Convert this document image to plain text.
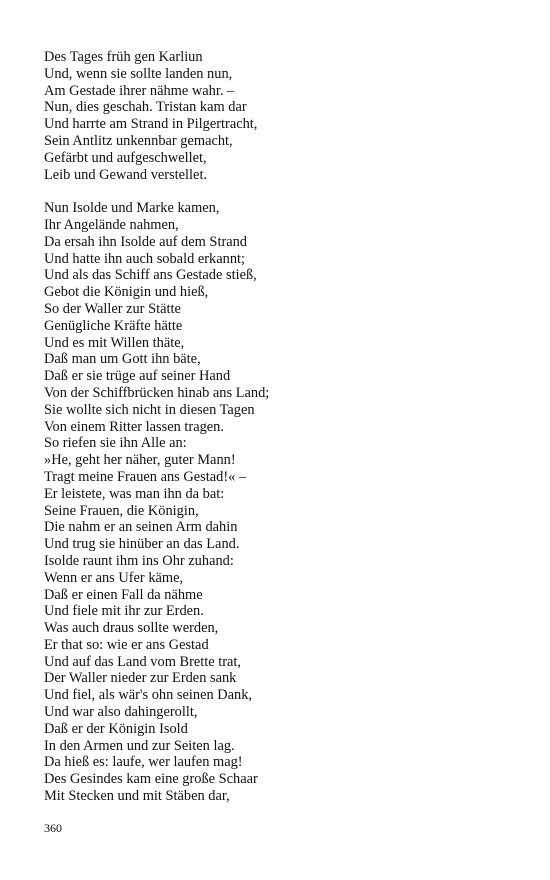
Des Tages früh gen Karliun
Und, wenn sie sollte landen nun,
Am Gestade ihrer nähme wahr. –
Nun, dies geschah. Tristan kam dar
Und harrte am Strand in Pilgertracht,
Sein Antlitz unkennbar gemacht,
Gefärbt und aufgeschwellet,
Leib und Gewand verstellet.
Nun Isolde und Marke kamen,
Ihr Angelände nahmen,
Da ersah ihn Isolde auf dem Strand
Und hatte ihn auch sobald erkannt;
Und als das Schiff ans Gestade stieß,
Gebot die Königin und hieß,
So der Waller zur Stätte
Genügliche Kräfte hätte
Und es mit Willen thäte,
Daß man um Gott ihn bäte,
Daß er sie trüge auf seiner Hand
Von der Schiffbrücken hinab ans Land;
Sie wollte sich nicht in diesen Tagen
Von einem Ritter lassen tragen.
So riefen sie ihn Alle an:
»He, geht her näher, guter Mann!
Tragt meine Frauen ans Gestad!« –
Er leistete, was man ihn da bat:
Seine Frauen, die Königin,
Die nahm er an seinen Arm dahin
Und trug sie hinüber an das Land.
Isolde raunt ihm ins Ohr zuhand:
Wenn er ans Ufer käme,
Daß er einen Fall da nähme
Und fiele mit ihr zur Erden.
Was auch draus sollte werden,
Er that so: wie er ans Gestad
Und auf das Land vom Brette trat,
Der Waller nieder zur Erden sank
Und fiel, als wär's ohn seinen Dank,
Und war also dahingerollt,
Daß er der Königin Isold
In den Armen und zur Seiten lag.
Da hieß es: laufe, wer laufen mag!
Des Gesindes kam eine große Schaar
Mit Stecken und mit Stäben dar,
360
